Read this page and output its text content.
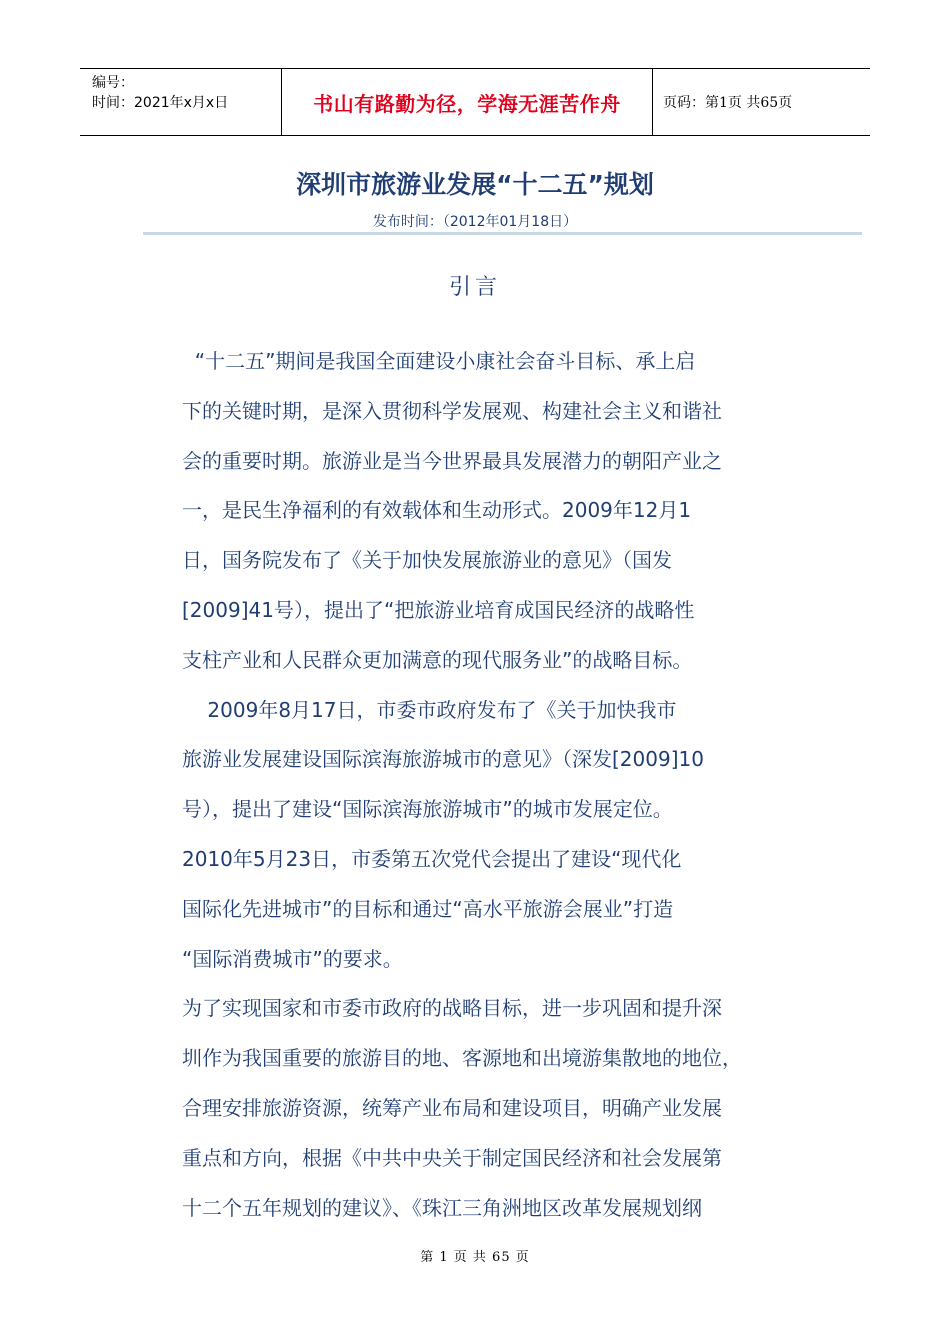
编号：
时间：2021年x月x日	书山有路勤为径，学海无涯苦作舟	页码：第1页 共65页
深圳市旅游业发展“十二五”规划
发布时间：（2012年01月18日）
引言
“十二五”期间是我国全面建设小康社会奋斗目标、承上启
下的关键时期，是深入贯彻科学发展观、构建社会主义和谐社
会的重要时期。旅游业是当今世界最具发展潜力的朝阳产业之
一，是民生净福利的有效载体和生动形式。2009年12月1
日，国务院发布了《关于加快发展旅游业的意见》（国发
[2009]41号），提出了“把旅游业培育成国民经济的战略性
支柱产业和人民群众更加满意的现代服务业”的战略目标。
2009年8月17日，市委市政府发布了《关于加快我市
旅游业发展建设国际滨海旅游城市的意见》（深发[2009]10
号），提出了建设“国际滨海旅游城市”的城市发展定位。
2010年5月23日，市委第五次党代会提出了建设“现代化
国际化先进城市”的目标和通过“高水平旅游会展业”打造
“国际消费城市”的要求。
为了实现国家和市委市政府的战略目标，进一步巩固和提升深
圳作为我国重要的旅游目的地、客源地和出境游集散地的地位，
合理安排旅游资源，统筹产业布局和建设项目，明确产业发展
重点和方向，根据《中共中央关于制定国民经济和社会发展第
十二个五年规划的建议》、《珠江三角洲地区改革发展规划纲
第 1 页 共 65 页
